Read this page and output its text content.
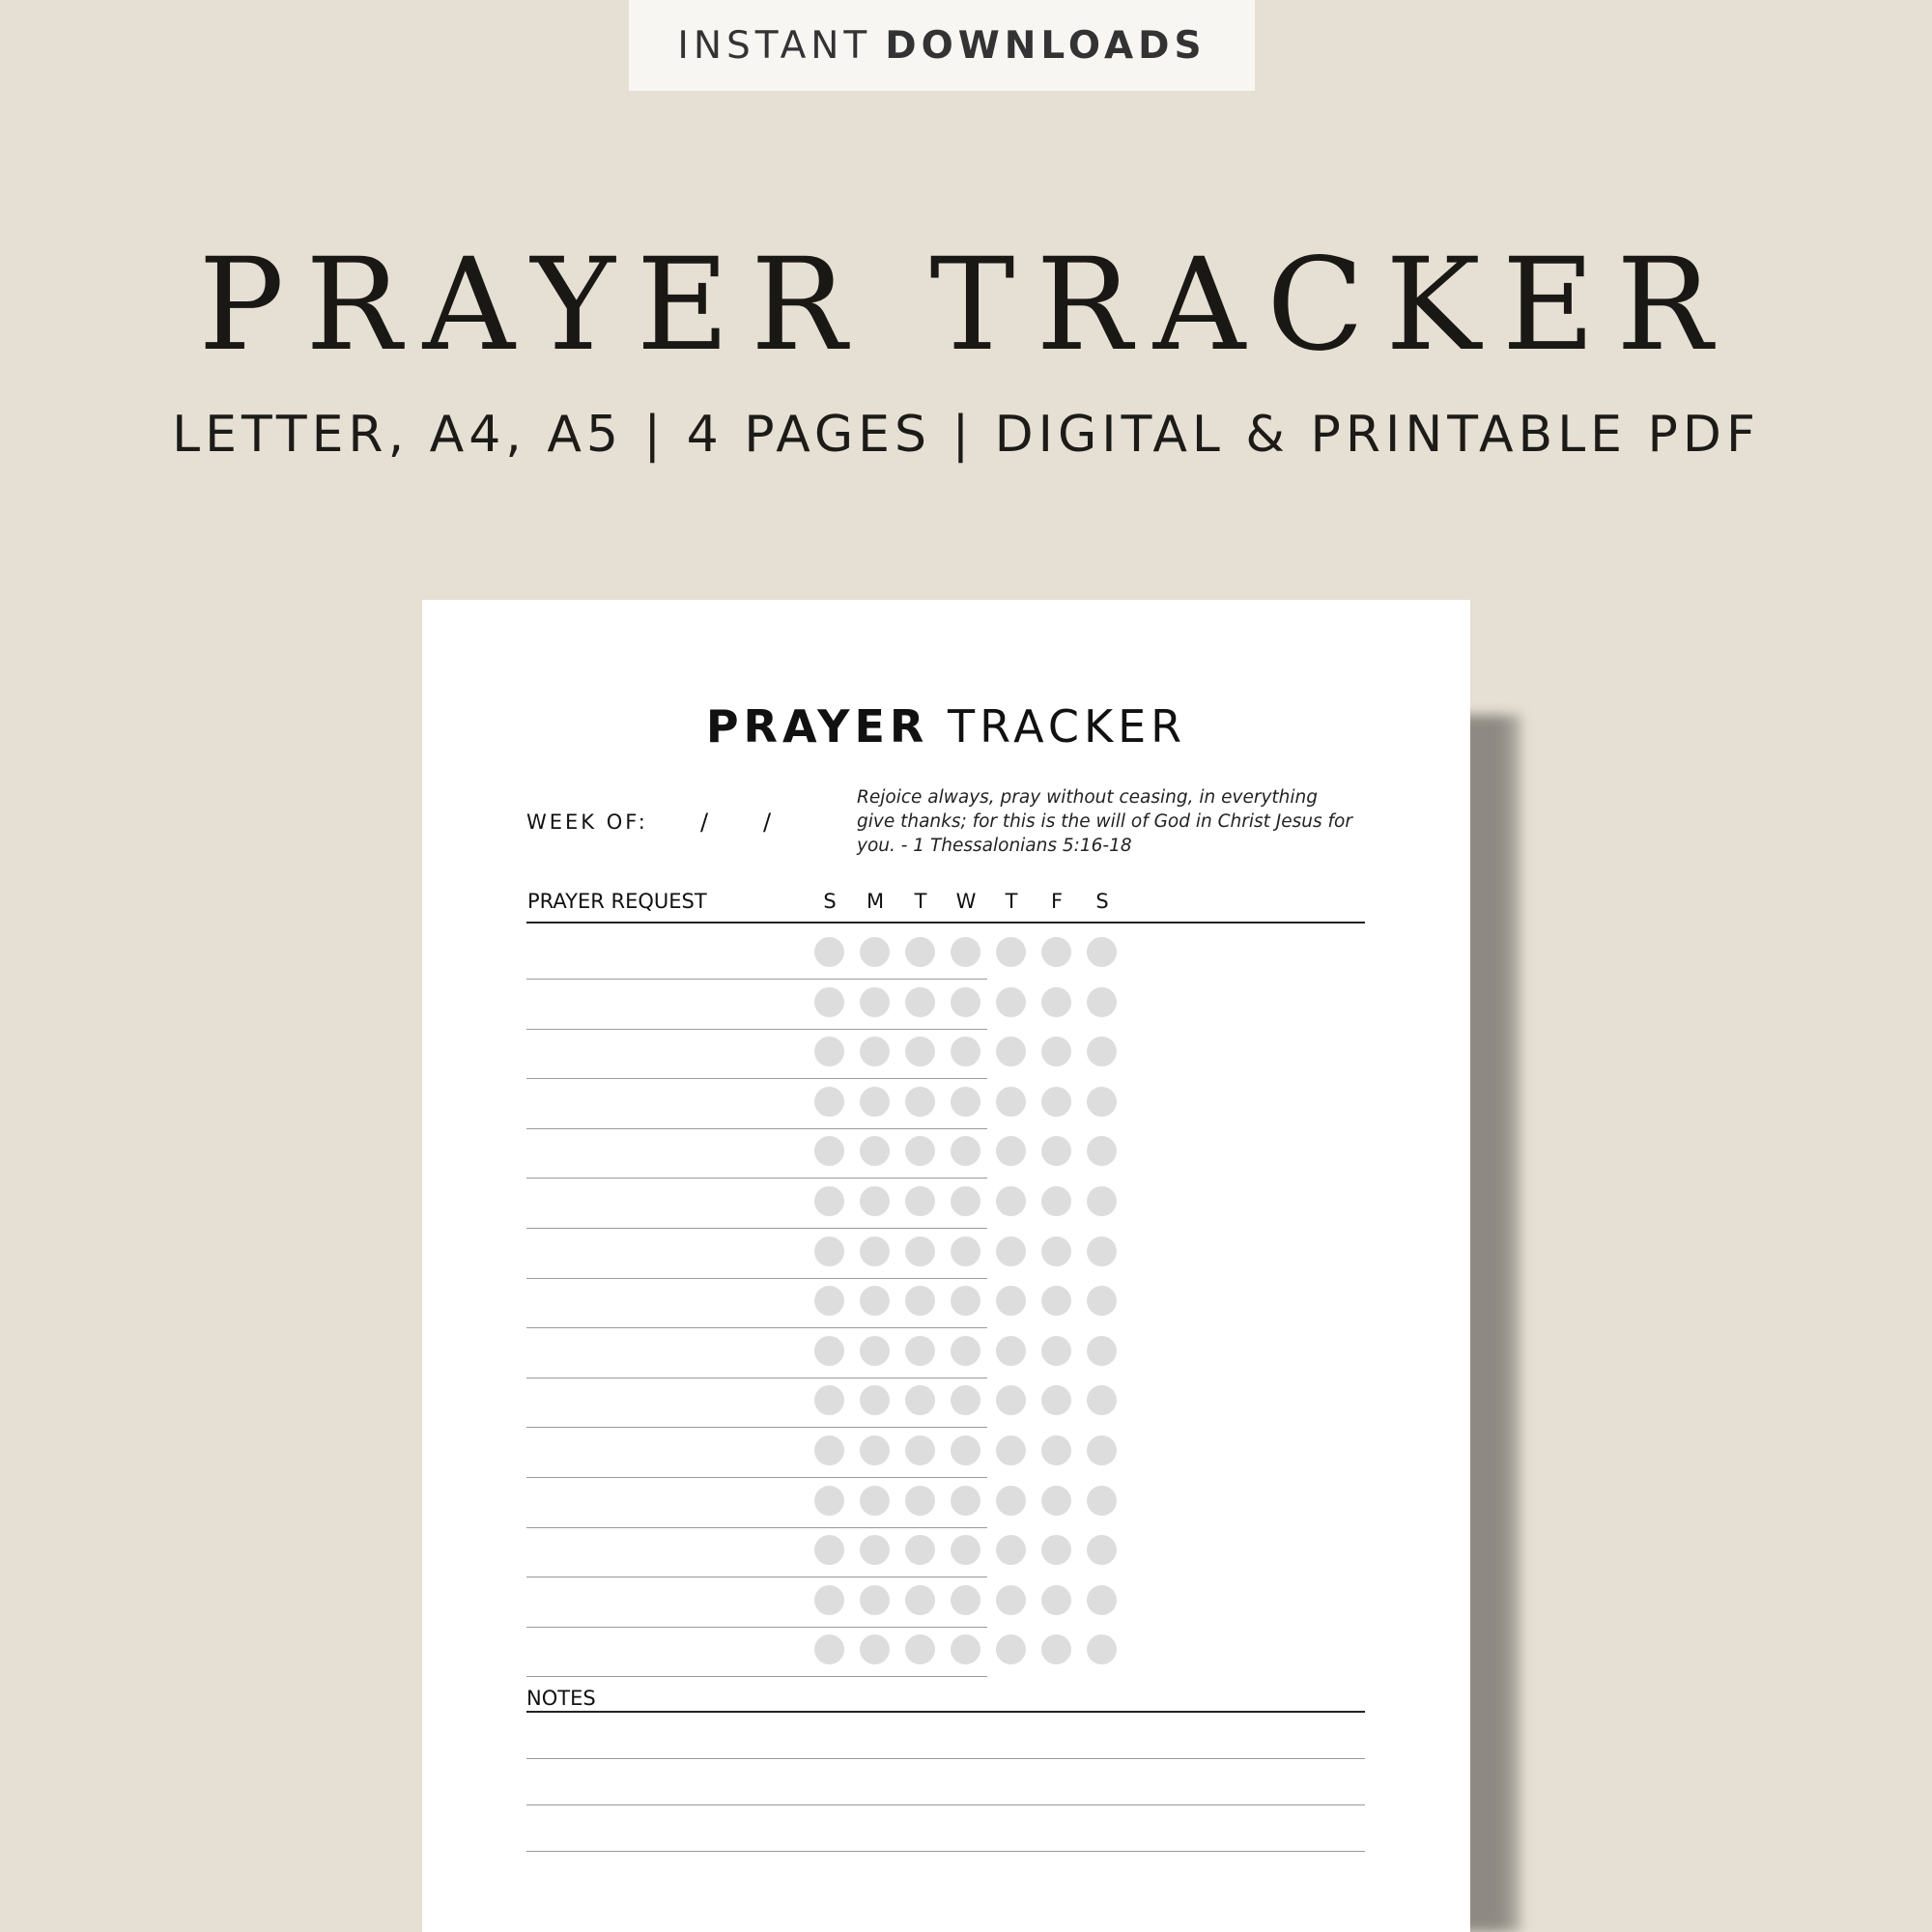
INSTANT DOWNLOADS
PRAYER TRACKER
LETTER, A4, A5 | 4 PAGES | DIGITAL & PRINTABLE PDF
PRAYER TRACKER
WEEK OF: / /
Rejoice always, pray without ceasing, in everything give thanks; for this is the will of God in Christ Jesus for you. - 1 Thessalonians 5:16-18
PRAYER REQUEST	S	M	T	W	T	F	S
NOTES
